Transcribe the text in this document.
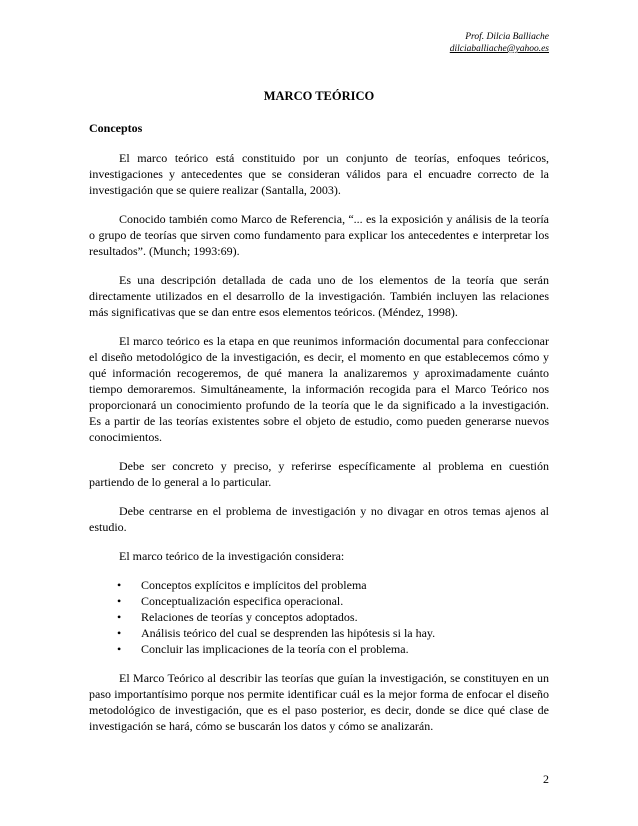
Prof. Dilcia Balliache
dilciaballiache@yahoo.es
MARCO TEÓRICO
Conceptos

El marco teórico está constituido por un conjunto de teorías, enfoques teóricos, investigaciones y antecedentes que se consideran válidos para el encuadre correcto de la investigación que se quiere realizar (Santalla, 2003).

Conocido también como Marco de Referencia, “... es la exposición y análisis de la teoría o grupo de teorías que sirven como fundamento para explicar los antecedentes e interpretar los resultados”. (Munch; 1993:69).

Es una descripción detallada de cada uno de los elementos de la teoría que serán directamente utilizados en el desarrollo de la investigación. También incluyen las relaciones más significativas que se dan entre esos elementos teóricos. (Méndez, 1998).

El marco teórico es la etapa en que reunimos información documental para confeccionar el diseño metodológico de la investigación, es decir, el momento en que establecemos cómo y qué información recogeremos, de qué manera la analizaremos y aproximadamente cuánto tiempo demoraremos. Simultáneamente, la información recogida para el Marco Teórico nos proporcionará un conocimiento profundo de la teoría que le da significado a la investigación. Es a partir de las teorías existentes sobre el objeto de estudio, como pueden generarse nuevos conocimientos.

Debe ser concreto y preciso, y referirse específicamente al problema en cuestión partiendo de lo general a lo particular.

Debe centrarse en el problema de investigación y no divagar en otros temas ajenos al estudio.

El marco teórico de la investigación considera:

• Conceptos explícitos e implícitos del problema
• Conceptualización especifica operacional.
• Relaciones de teorías y conceptos adoptados.
• Análisis teórico del cual se desprenden las hipótesis si la hay.
• Concluir las implicaciones de la teoría con el problema.

El Marco Teórico al describir las teorías que guían la investigación, se constituyen en un paso importantísimo porque nos permite identificar cuál es la mejor forma de enfocar el diseño metodológico de investigación, que es el paso posterior, es decir, donde se dice qué clase de investigación se hará, cómo se buscarán los datos y cómo se analizarán.

2
